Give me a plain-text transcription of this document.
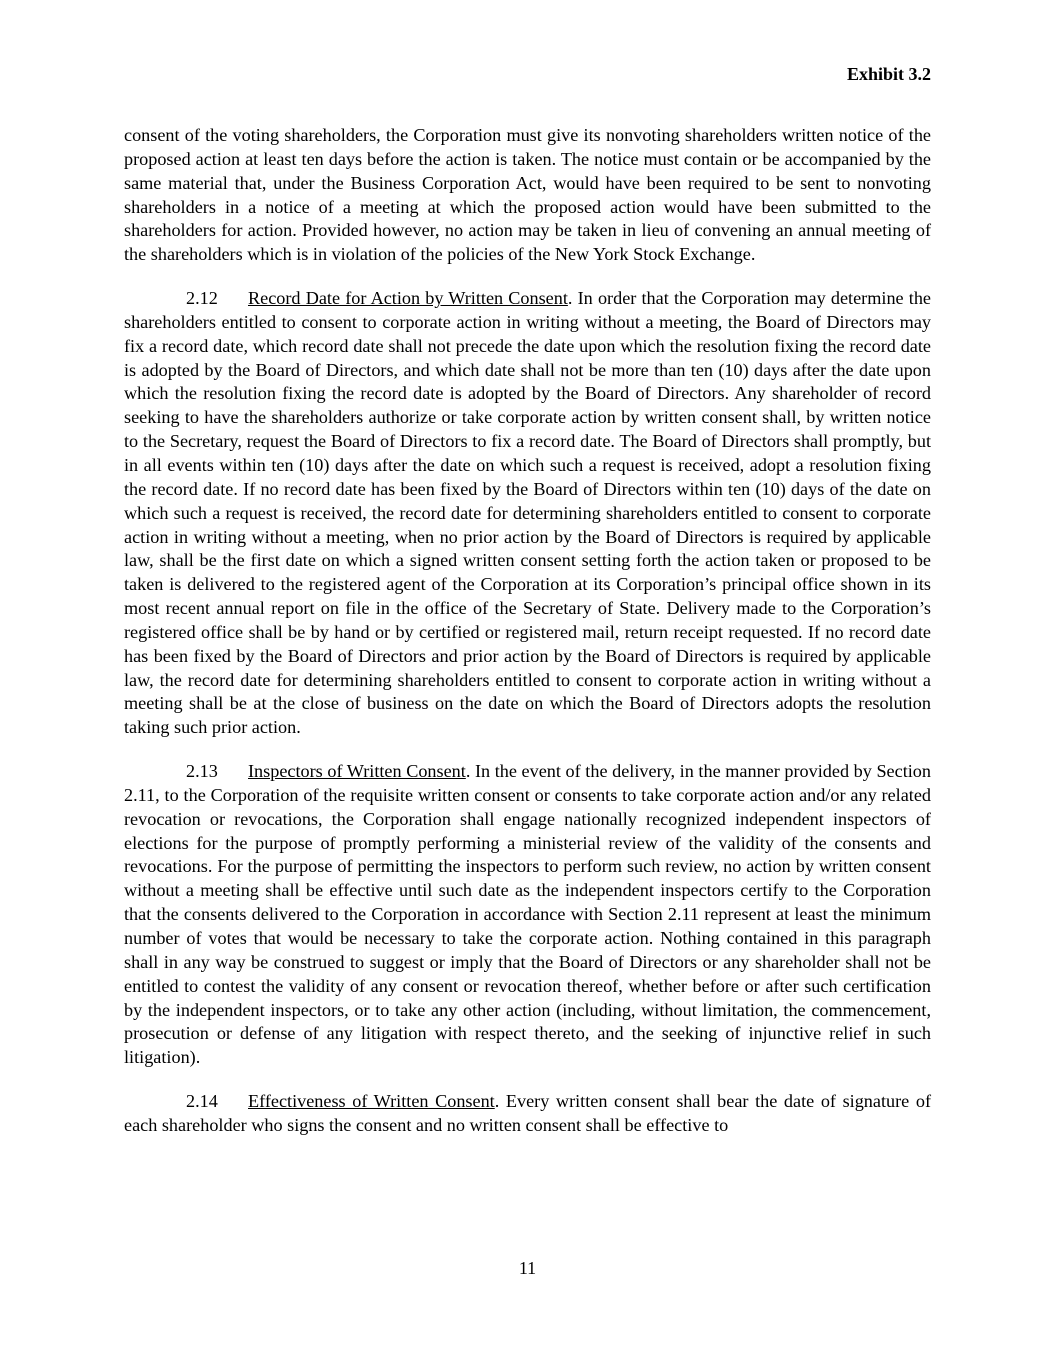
Exhibit 3.2

consent of the voting shareholders, the Corporation must give its nonvoting shareholders written notice of the proposed action at least ten days before the action is taken. The notice must contain or be accompanied by the same material that, under the Business Corporation Act, would have been required to be sent to nonvoting shareholders in a notice of a meeting at which the proposed action would have been submitted to the shareholders for action. Provided however, no action may be taken in lieu of convening an annual meeting of the shareholders which is in violation of the policies of the New York Stock Exchange.

2.12 Record Date for Action by Written Consent. In order that the Corporation may determine the shareholders entitled to consent to corporate action in writing without a meeting, the Board of Directors may fix a record date, which record date shall not precede the date upon which the resolution fixing the record date is adopted by the Board of Directors, and which date shall not be more than ten (10) days after the date upon which the resolution fixing the record date is adopted by the Board of Directors. Any shareholder of record seeking to have the shareholders authorize or take corporate action by written consent shall, by written notice to the Secretary, request the Board of Directors to fix a record date. The Board of Directors shall promptly, but in all events within ten (10) days after the date on which such a request is received, adopt a resolution fixing the record date. If no record date has been fixed by the Board of Directors within ten (10) days of the date on which such a request is received, the record date for determining shareholders entitled to consent to corporate action in writing without a meeting, when no prior action by the Board of Directors is required by applicable law, shall be the first date on which a signed written consent setting forth the action taken or proposed to be taken is delivered to the registered agent of the Corporation at its Corporation’s principal office shown in its most recent annual report on file in the office of the Secretary of State. Delivery made to the Corporation’s registered office shall be by hand or by certified or registered mail, return receipt requested. If no record date has been fixed by the Board of Directors and prior action by the Board of Directors is required by applicable law, the record date for determining shareholders entitled to consent to corporate action in writing without a meeting shall be at the close of business on the date on which the Board of Directors adopts the resolution taking such prior action.

2.13 Inspectors of Written Consent. In the event of the delivery, in the manner provided by Section 2.11, to the Corporation of the requisite written consent or consents to take corporate action and/or any related revocation or revocations, the Corporation shall engage nationally recognized independent inspectors of elections for the purpose of promptly performing a ministerial review of the validity of the consents and revocations. For the purpose of permitting the inspectors to perform such review, no action by written consent without a meeting shall be effective until such date as the independent inspectors certify to the Corporation that the consents delivered to the Corporation in accordance with Section 2.11 represent at least the minimum number of votes that would be necessary to take the corporate action. Nothing contained in this paragraph shall in any way be construed to suggest or imply that the Board of Directors or any shareholder shall not be entitled to contest the validity of any consent or revocation thereof, whether before or after such certification by the independent inspectors, or to take any other action (including, without limitation, the commencement, prosecution or defense of any litigation with respect thereto, and the seeking of injunctive relief in such litigation).

2.14 Effectiveness of Written Consent. Every written consent shall bear the date of signature of each shareholder who signs the consent and no written consent shall be effective to

11
